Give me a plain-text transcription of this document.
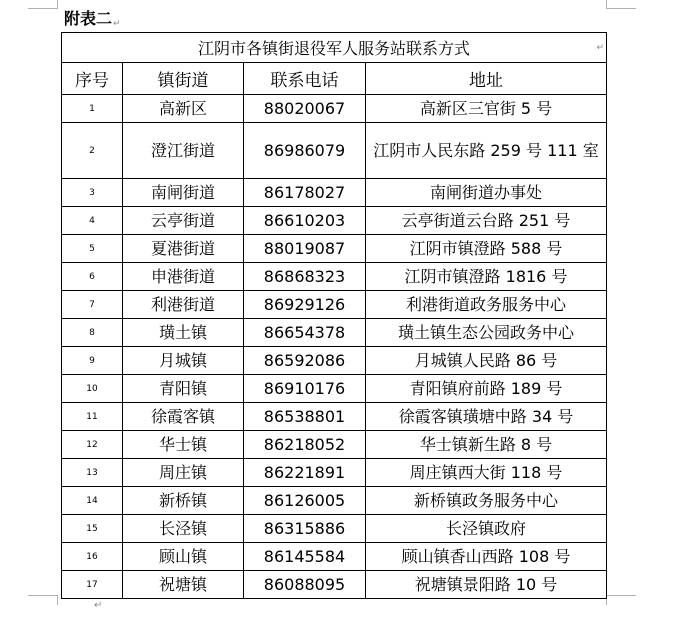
附表二↵
江阴市各镇街退役军人服务站联系方式 ↵			

序号	镇街道	联系电话	地址
1	高新区	88020067	高新区三官街 5 号
2	澄江街道	86986079	江阴市人民东路 259 号 111 室
3	南闸街道	86178027	南闸街道办事处
4	云亭街道	86610203	云亭街道云台路 251 号
5	夏港街道	88019087	江阴市镇澄路 588 号
6	申港街道	86868323	江阴市镇澄路 1816 号
7	利港街道	86929126	利港街道政务服务中心
8	璜土镇	86654378	璜土镇生态公园政务中心
9	月城镇	86592086	月城镇人民路 86 号
10	青阳镇	86910176	青阳镇府前路 189 号
11	徐霞客镇	86538801	徐霞客镇璜塘中路 34 号
12	华士镇	86218052	华士镇新生路 8 号
13	周庄镇	86221891	周庄镇西大街 118 号
14	新桥镇	86126005	新桥镇政务服务中心
15	长泾镇	86315886	长泾镇政府
16	顾山镇	86145584	顾山镇香山西路 108 号
17	祝塘镇	86088095	祝塘镇景阳路 10 号
↵
